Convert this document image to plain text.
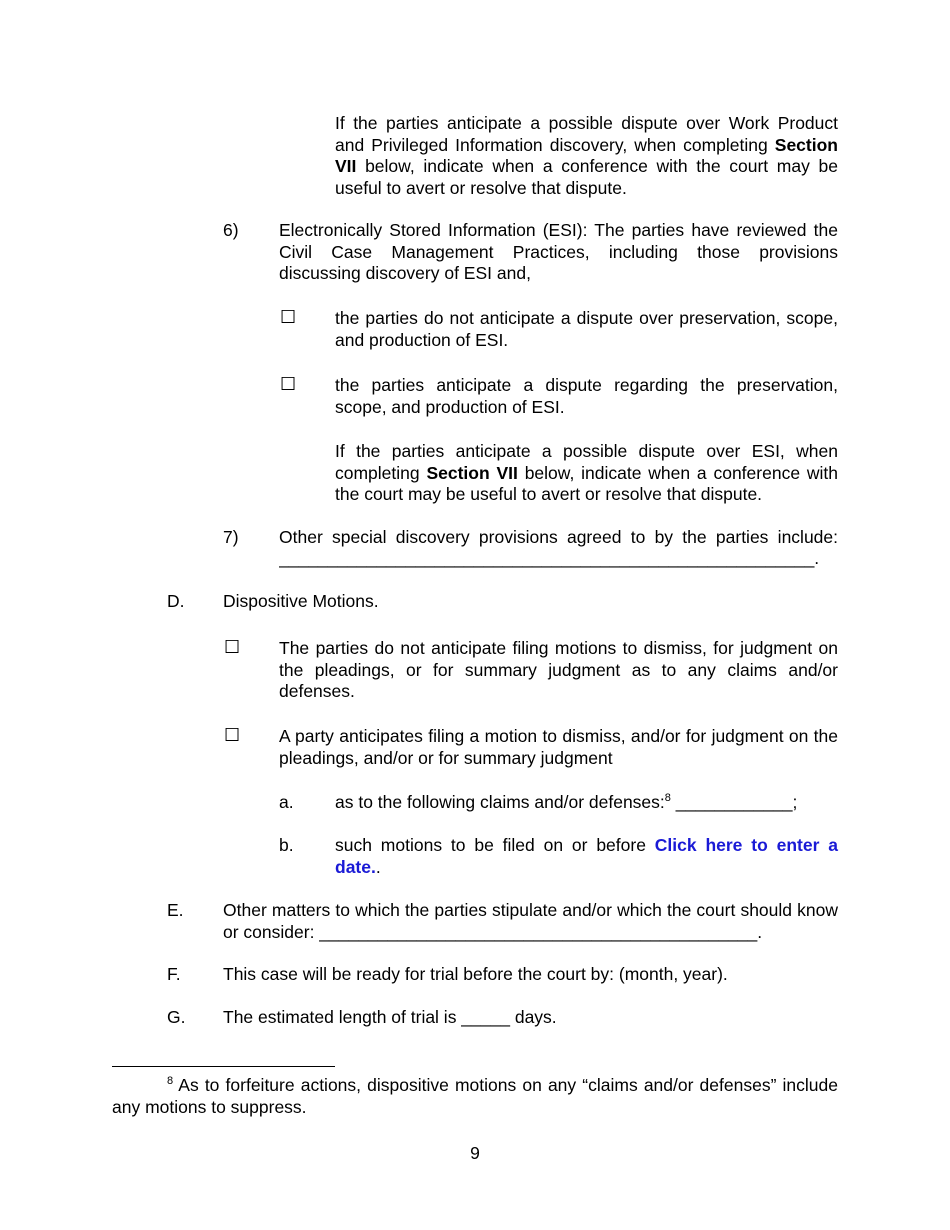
If the parties anticipate a possible dispute over Work Product and Privileged Information discovery, when completing Section VII below, indicate when a conference with the court may be useful to avert or resolve that dispute.
6) Electronically Stored Information (ESI): The parties have reviewed the Civil Case Management Practices, including those provisions discussing discovery of ESI and,
☐ the parties do not anticipate a dispute over preservation, scope, and production of ESI.
☐ the parties anticipate a dispute regarding the preservation, scope, and production of ESI.
If the parties anticipate a possible dispute over ESI, when completing Section VII below, indicate when a conference with the court may be useful to avert or resolve that dispute.
7) Other special discovery provisions agreed to by the parties include:
_______________________________________________________.
D. Dispositive Motions.
☐ The parties do not anticipate filing motions to dismiss, for judgment on the pleadings, or for summary judgment as to any claims and/or defenses.
☐ A party anticipates filing a motion to dismiss, and/or for judgment on the pleadings, and/or or for summary judgment
a. as to the following claims and/or defenses:$^8$ ____________;
b. such motions to be filed on or before Click here to enter a date..
E. Other matters to which the parties stipulate and/or which the court should know or consider: _____________________________________________.
F. This case will be ready for trial before the court by: (month, year).
G. The estimated length of trial is _____ days.
$^8$ As to forfeiture actions, dispositive motions on any “claims and/or defenses” include any motions to suppress.
9
